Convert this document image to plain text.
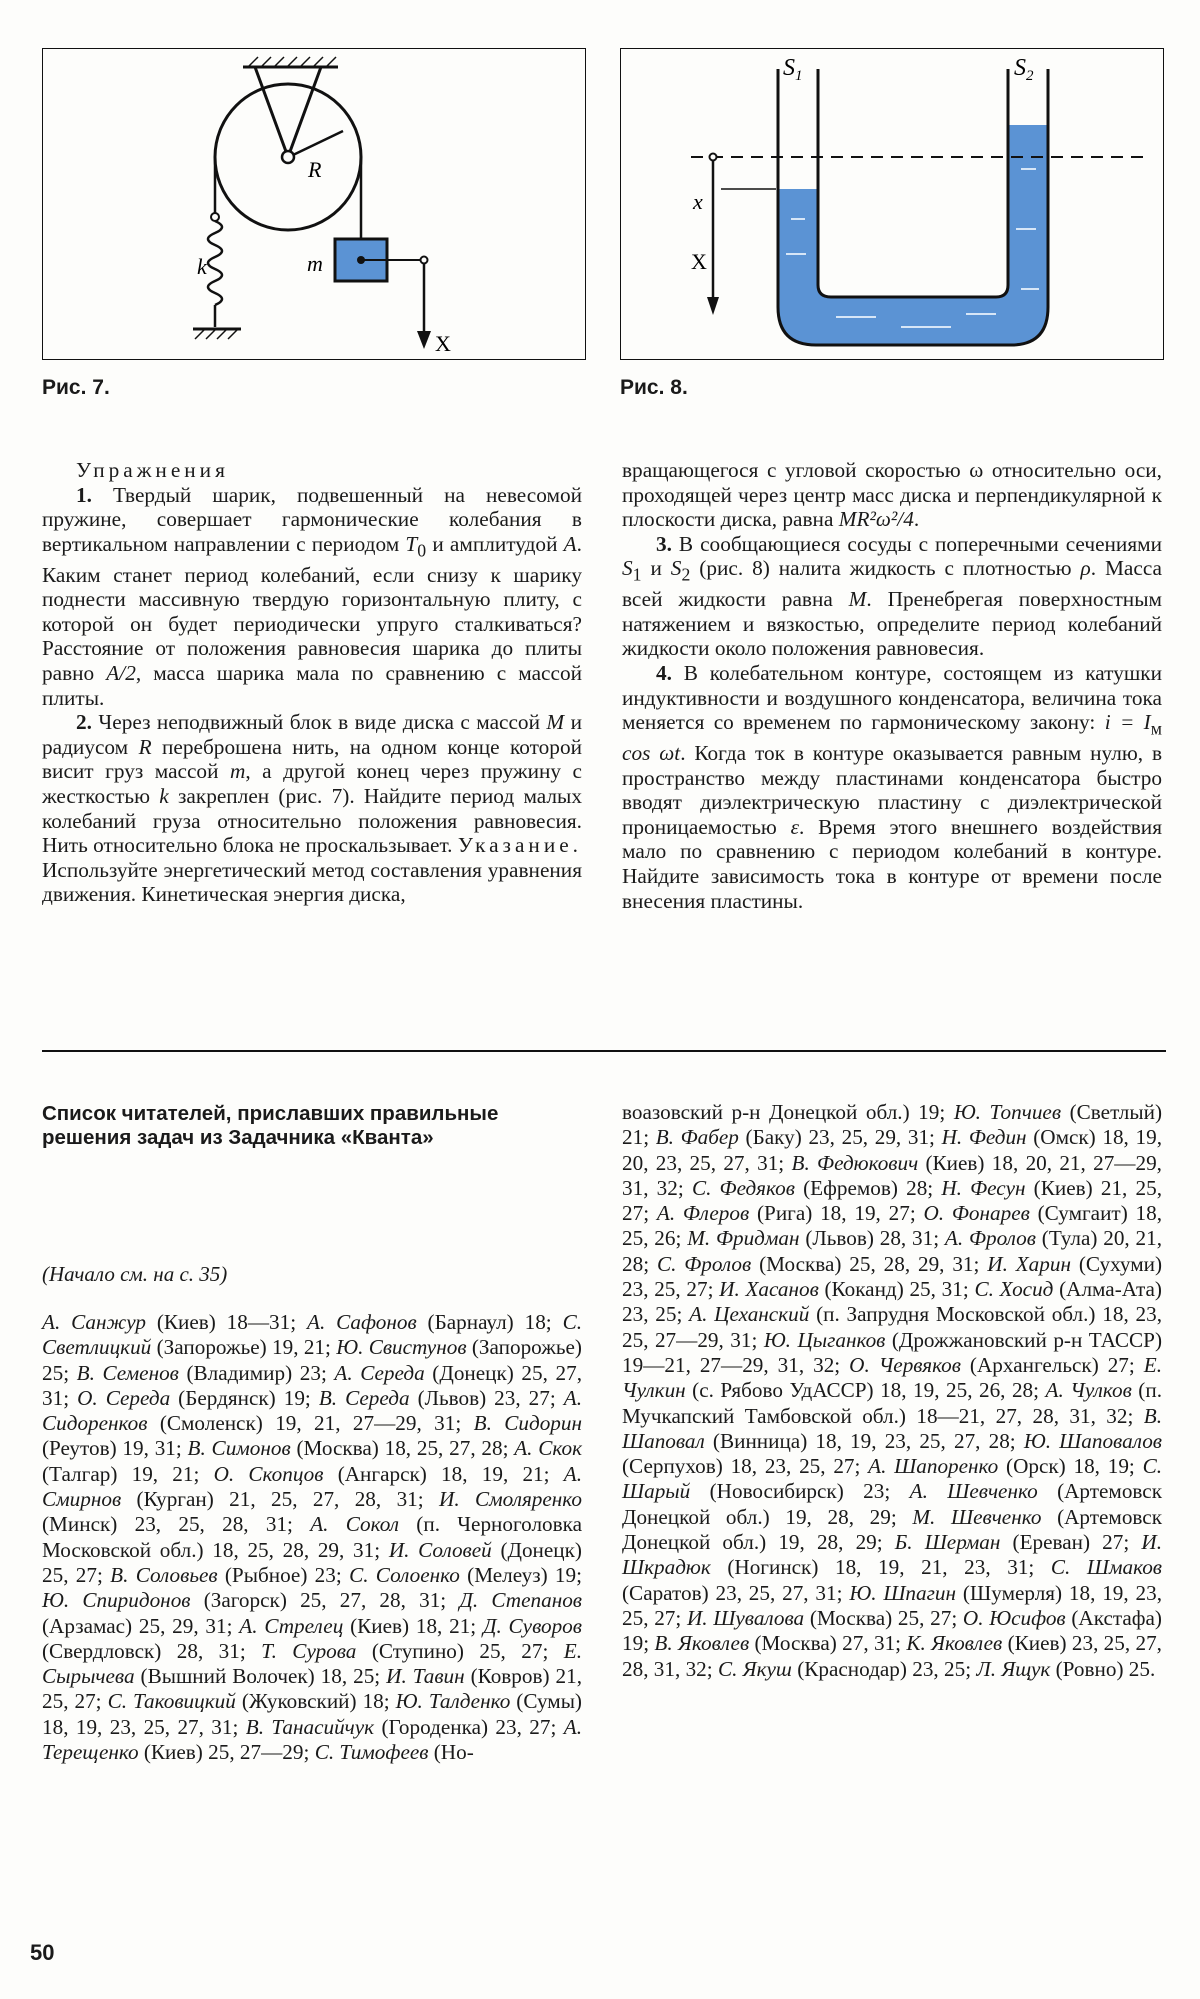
R
k	m
X
Рис. 7.
x
X
$S_1$	$S_2$
Рис. 8.

Упражнения

1. Твердый шарик, подвешенный на невесомой пружине, совершает гармонические колебания в вертикальном направлении с периодом $T_0$ и амплитудой A. Каким станет период колебаний, если снизу к шарику поднести массивную твердую горизонтальную плиту, с которой он будет периодически упруго сталкиваться? Расстояние от положения равновесия шарика до плиты равно A/2, масса шарика мала по сравнению с массой плиты.

2. Через неподвижный блок в виде диска с массой M и радиусом R переброшена нить, на одном конце которой висит груз массой m, а другой конец через пружину с жесткостью k закреплен (рис. 7). Найдите период малых колебаний груза относительно положения равновесия. Нить относительно блока не проскальзывает. Указание. Используйте энергетический метод составления уравнения движения. Кинетическая энергия диска,

вращающегося с угловой скоростью ω относительно оси, проходящей через центр масс диска и перпендикулярной к плоскости диска, равна MR²ω²/4.

3. В сообщающиеся сосуды с поперечными сечениями $S_1$ и $S_2$ (рис. 8) налита жидкость с плотностью ρ. Масса всей жидкости равна M. Пренебрегая поверхностным натяжением и вязкостью, определите период колебаний жидкости около положения равновесия.

4. В колебательном контуре, состоящем из катушки индуктивности и воздушного конденсатора, величина тока меняется со временем по гармоническому закону: $i = I_м$ cos ωt. Когда ток в контуре оказывается равным нулю, в пространство между пластинами конденсатора быстро вводят диэлектрическую пластину с диэлектрической проницаемостью ε. Время этого внешнего воздействия мало по сравнению с периодом колебаний в контуре. Найдите зависимость тока в контуре от времени после внесения пластины.

Список читателей, приславших правильные решения задач из Задачника «Кванта»
(Начало см. на с. 35)

А. Санжур (Киев) 18—31; А. Сафонов (Барнаул) 18; С. Светлицкий (Запорожье) 19, 21; Ю. Свистунов (Запорожье) 25; В. Семенов (Владимир) 23; А. Середа (Донецк) 25, 27, 31; О. Середа (Бердянск) 19; В. Середа (Львов) 23, 27; А. Сидоренков (Смоленск) 19, 21, 27—29, 31; В. Сидорин (Реутов) 19, 31; В. Симонов (Москва) 18, 25, 27, 28; А. Скок (Талгар) 19, 21; О. Скопцов (Ангарск) 18, 19, 21; А. Смирнов (Курган) 21, 25, 27, 28, 31; И. Смоляренко (Минск) 23, 25, 28, 31; А. Сокол (п. Черноголовка Московской обл.) 18, 25, 28, 29, 31; И. Соловей (Донецк) 25, 27; В. Соловьев (Рыбное) 23; С. Солоенко (Мелеуз) 19; Ю. Спиридонов (Загорск) 25, 27, 28, 31; Д. Степанов (Арзамас) 25, 29, 31; А. Стрелец (Киев) 18, 21; Д. Суворов (Свердловск) 28, 31; Т. Сурова (Ступино) 25, 27; Е. Сырычева (Вышний Волочек) 18, 25; И. Тавин (Ковров) 21, 25, 27; С. Таковицкий (Жуковский) 18; Ю. Талденко (Сумы) 18, 19, 23, 25, 27, 31; В. Танасийчук (Городенка) 23, 27; А. Терещенко (Киев) 25, 27—29; С. Тимофеев (Но-

воазовский р-н Донецкой обл.) 19; Ю. Топчиев (Светлый) 21; В. Фабер (Баку) 23, 25, 29, 31; Н. Федин (Омск) 18, 19, 20, 23, 25, 27, 31; В. Федюкович (Киев) 18, 20, 21, 27—29, 31, 32; С. Федяков (Ефремов) 28; Н. Фесун (Киев) 21, 25, 27; А. Флеров (Рига) 18, 19, 27; О. Фонарев (Сумгаит) 18, 25, 26; М. Фридман (Львов) 28, 31; А. Фролов (Тула) 20, 21, 28; С. Фролов (Москва) 25, 28, 29, 31; И. Харин (Сухуми) 23, 25, 27; И. Хасанов (Коканд) 25, 31; С. Хосид (Алма-Ата) 23, 25; А. Цеханский (п. Запрудня Московской обл.) 18, 23, 25, 27—29, 31; Ю. Цыганков (Дрожжановский р-н ТАССР) 19—21, 27—29, 31, 32; О. Червяков (Архангельск) 27; Е. Чулкин (с. Рябово УдАССР) 18, 19, 25, 26, 28; А. Чулков (п. Мучкапский Тамбовской обл.) 18—21, 27, 28, 31, 32; В. Шаповал (Винница) 18, 19, 23, 25, 27, 28; Ю. Шаповалов (Серпухов) 18, 23, 25, 27; А. Шапоренко (Орск) 18, 19; С. Шарый (Новосибирск) 23; А. Шевченко (Артемовск Донецкой обл.) 19, 28, 29; М. Шевченко (Артемовск Донецкой обл.) 19, 28, 29; Б. Шерман (Ереван) 27; И. Шкрадюк (Ногинск) 18, 19, 21, 23, 31; С. Шмаков (Саратов) 23, 25, 27, 31; Ю. Шпагин (Шумерля) 18, 19, 23, 25, 27; И. Шувалова (Москва) 25, 27; О. Юсифов (Акстафа) 19; В. Яковлев (Москва) 27, 31; К. Яковлев (Киев) 23, 25, 27, 28, 31, 32; С. Якуш (Краснодар) 23, 25; Л. Ящук (Ровно) 25.

50
